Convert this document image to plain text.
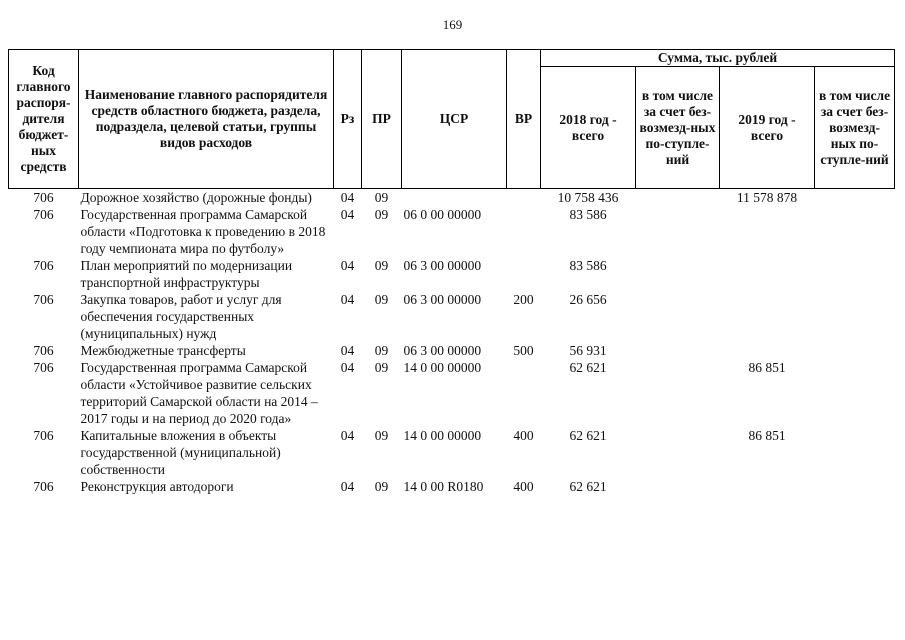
169
Код главного распоря-дителя бюджет-ных средств	Наименование главного распорядителя средств областного бюджета, раздела, подраздела, целевой статьи, группы видов расходов	Рз	ПР	ЦСР	ВР	Сумма, тыс. рублей			
						2018 год - всего	в том числе за счет без-возмезд-ных по-ступле-ний	2019 год - всего	в том числе за счет без-возмезд-ных по-ступле-ний
706	Дорожное хозяйство (дорожные фонды)	04	09			10 758 436		11 578 878	
706	Государственная программа Самарской области «Подготовка к проведению в 2018 году чемпионата мира по футболу»	04	09	06 0 00 00000		83 586			
706	План мероприятий по модернизации транспортной инфраструктуры	04	09	06 3 00 00000		83 586			
706	Закупка товаров, работ и услуг для обеспечения государственных (муниципальных) нужд	04	09	06 3 00 00000	200	26 656			
706	Межбюджетные трансферты	04	09	06 3 00 00000	500	56 931			
706	Государственная программа Самарской области «Устойчивое развитие сельских территорий Самарской области на 2014 – 2017 годы и на период до 2020 года»	04	09	14 0 00 00000		62 621		86 851	
706	Капитальные вложения в объекты государственной (муниципальной) собственности	04	09	14 0 00 00000	400	62 621		86 851	
706	Реконструкция автодороги	04	09	14 0 00 R0180	400	62 621			
